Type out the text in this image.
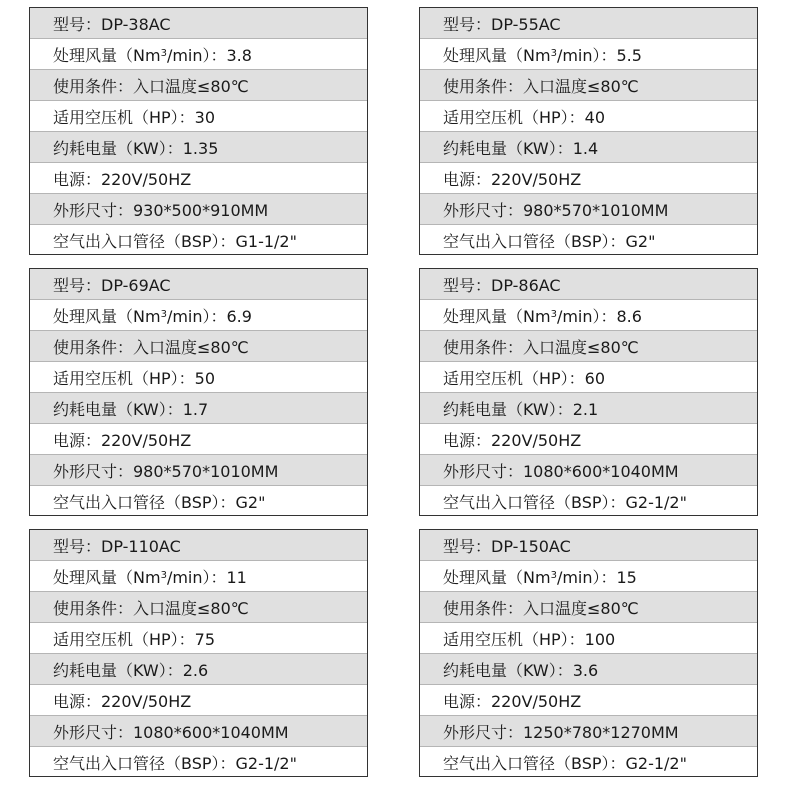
型号：DP-38AC
处理风量（Nm 3 /min）：3.8
使用条件：入口温度≤80℃
适用空压机（HP）：30
约耗电量（KW）：1.35
电源：220V/50HZ
外形尺寸：930*500*910MM
空气出入口管径（BSP）：G1-1/2"
型号：DP-55AC
处理风量（Nm 3 /min）：5.5
使用条件：入口温度≤80℃
适用空压机（HP）：40
约耗电量（KW）：1.4
电源：220V/50HZ
外形尺寸：980*570*1010MM
空气出入口管径（BSP）：G2"
型号：DP-69AC
处理风量（Nm 3 /min）：6.9
使用条件：入口温度≤80℃
适用空压机（HP）：50
约耗电量（KW）：1.7
电源：220V/50HZ
外形尺寸：980*570*1010MM
空气出入口管径（BSP）：G2"
型号：DP-86AC
处理风量（Nm 3 /min）：8.6
使用条件：入口温度≤80℃
适用空压机（HP）：60
约耗电量（KW）：2.1
电源：220V/50HZ
外形尺寸：1080*600*1040MM
空气出入口管径（BSP）：G2-1/2"
型号：DP-110AC
处理风量（Nm 3 /min）：11
使用条件：入口温度≤80℃
适用空压机（HP）：75
约耗电量（KW）：2.6
电源：220V/50HZ
外形尺寸：1080*600*1040MM
空气出入口管径（BSP）：G2-1/2"
型号：DP-150AC
处理风量（Nm 3 /min）：15
使用条件：入口温度≤80℃
适用空压机（HP）：100
约耗电量（KW）：3.6
电源：220V/50HZ
外形尺寸：1250*780*1270MM
空气出入口管径（BSP）：G2-1/2"
